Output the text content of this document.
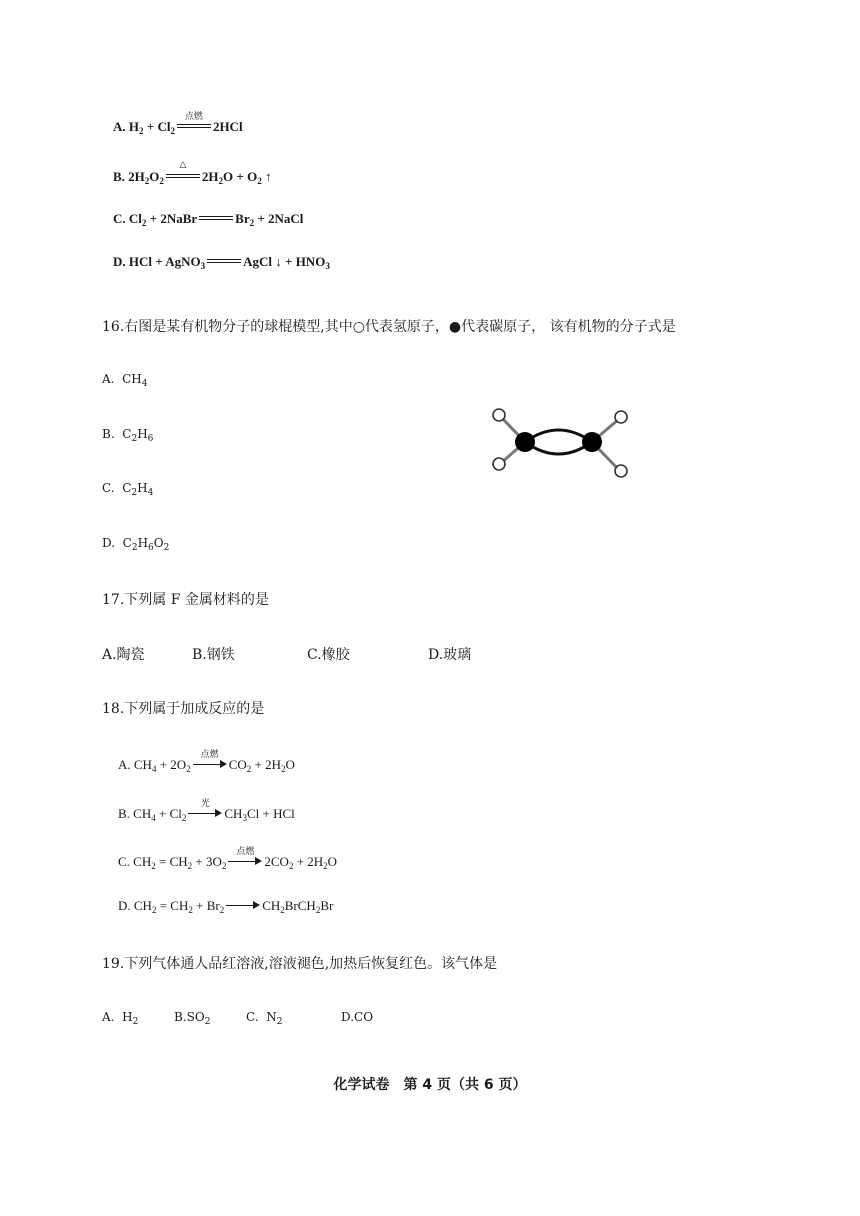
A. $H_2 + Cl_2$
点燃
2HCl
B. $2H_2O_2$
△
$2H_2O + O_2$ ↑
C. $Cl_2$ + 2NaBr	$Br_2$ + 2NaCl
D. HCl + AgNO$_3$	AgCl ↓ + $HNO_3$
16.右图是某有机物分子的球棍模型,其中○代表氢原子，●代表碳原子， 该有机物的分子式是
A. $CH_4$
B. $C_2H_6$
C. $C_2H_4$
D. $C_2H_6O_2$
17.下列属 F 金属材料的是
A.陶瓷	B.钢铁	C.橡胶	D.玻璃
18.下列属于加成反应的是
A. $CH_4 + 2O_2$
点燃
$CO_2 + 2H_2O$
B. $CH_4 + Cl_2$
光
$CH_3Cl$ + HCl
C. $CH_2 = CH_2 + 3O_2$
点燃
$2CO_2 + 2H_2O$
D. $CH_2 = CH_2 + Br_2$	$CH_2BrCH_2Br$
19.下列气体通人品红溶液,溶液褪色,加热后恢复红色。该气体是
A. $H_2$	$B.SO_2$	C. $N_2$	D.CO
化学试卷　第 4 页（共 6 页）
